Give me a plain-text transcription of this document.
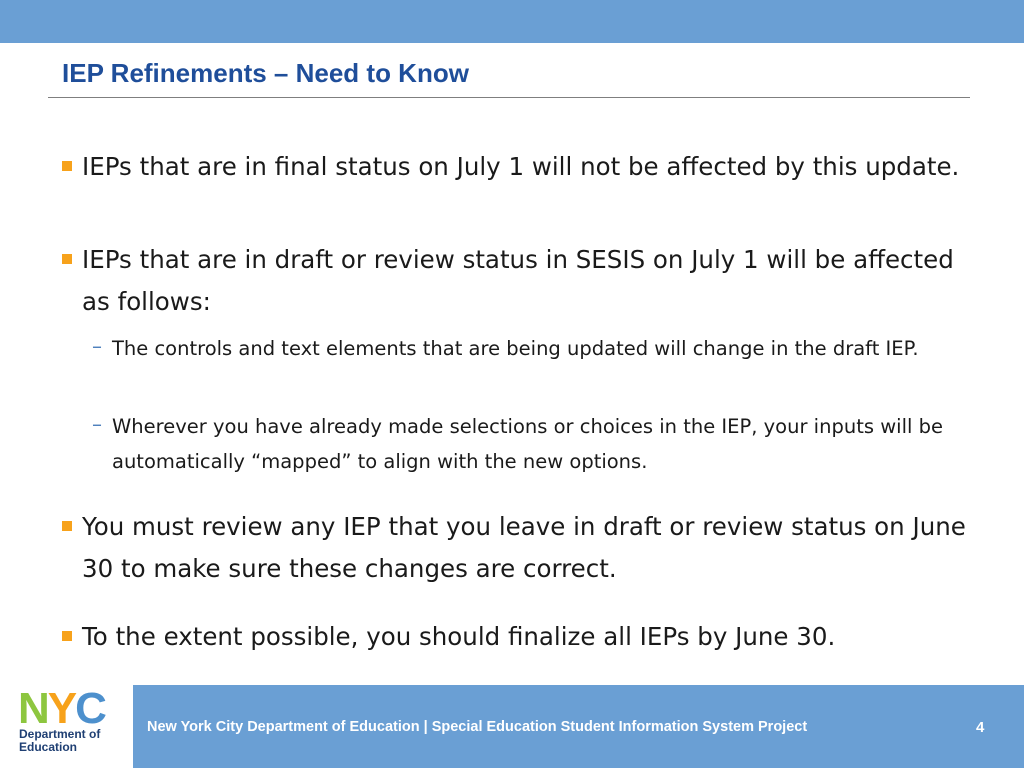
IEP Refinements – Need to Know
IEPs that are in final status on July 1 will not be affected by this update.
IEPs that are in draft or review status in SESIS on July 1 will be affected as follows:
– The controls and text elements that are being updated will change in the draft IEP.
– Wherever you have already made selections or choices in the IEP, your inputs will be automatically “mapped” to align with the new options.
You must review any IEP that you leave in draft or review status on June 30 to make sure these changes are correct.
To the extent possible, you should finalize all IEPs by June 30.
NYC
Department of
Education
New York City Department of Education | Special Education Student Information System Project	4
